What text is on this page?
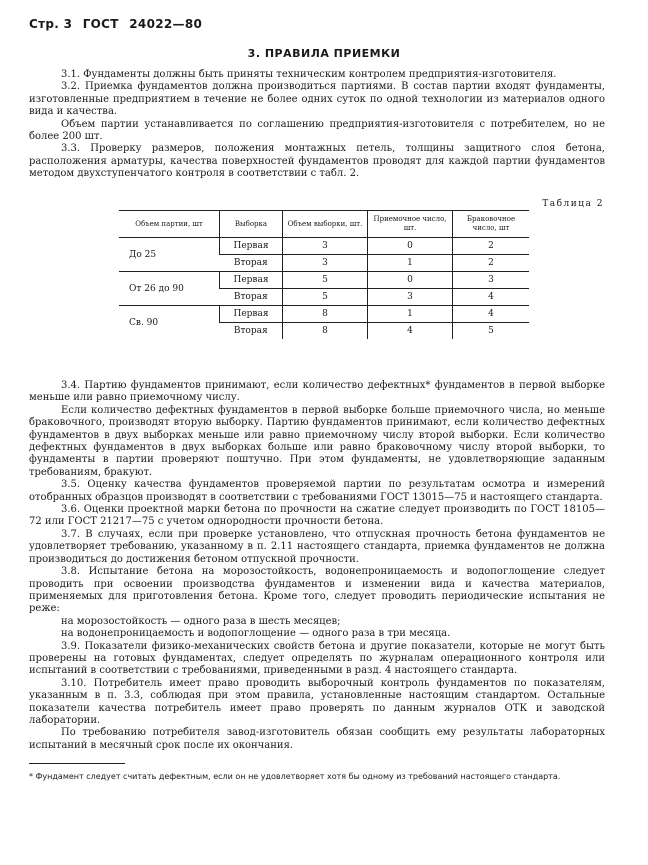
Стр. 3 ГОСТ 24022—80
3. ПРАВИЛА ПРИЕМКИ

3.1. Фундаменты должны быть приняты техническим контролем предприятия-изготовителя.

3.2. Приемка фундаментов должна производиться партиями. В состав партии входят фундаменты, изготовленные предприятием в течение не более одних суток по одной технологии из материалов одного вида и качества.

Объем партии устанавливается по соглашению предприятия-изготовителя с потребителем, но не более 200 шт.

3.3. Проверку размеров, положения монтажных петель, толщины защитного слоя бетона, расположения арматуры, качества поверхностей фундаментов проводят для каждой партии фундаментов методом двухступенчатого контроля в соответствии с табл. 2.

Таблица 2
Объем партии, шт	Выборка	Объем выборки, шт.	Приемочное число, шт.	Браковочное число, шт
До 25	Первая	3	0	2
	Вторая	3	1	2
От 26 до 90	Первая	5	0	3
	Вторая	5	3	4
Св. 90	Первая	8	1	4
	Вторая	8	4	5

3.4. Партию фундаментов принимают, если количество дефектных* фундаментов в первой выборке меньше или равно приемочному числу.

Если количество дефектных фундаментов в первой выборке больше приемочного числа, но меньше браковочного, производят вторую выборку. Партию фундаментов принимают, если количество дефектных фундаментов в двух выборках меньше или равно приемочному числу второй выборки. Если количество дефектных фундаментов в двух выборках больше или равно браковочному числу второй выборки, то фундаменты в партии проверяют поштучно. При этом фундаменты, не удовлетворяющие заданным требованиям, бракуют.

3.5. Оценку качества фундаментов проверяемой партии по результатам осмотра и измерений отобранных образцов производят в соответствии с требованиями ГОСТ 13015—75 и настоящего стандарта.

3.6. Оценки проектной марки бетона по прочности на сжатие следует производить по ГОСТ 18105—72 или ГОСТ 21217—75 с учетом однородности прочности бетона.

3.7. В случаях, если при проверке установлено, что отпускная прочность бетона фундаментов не удовлетворяет требованию, указанному в п. 2.11 настоящего стандарта, приемка фундаментов не должна производиться до достижения бетоном отпускной прочности.

3.8. Испытание бетона на морозостойкость, водонепроницаемость и водопоглощение следует проводить при освоении производства фундаментов и изменении вида и качества материалов, применяемых для приготовления бетона. Кроме того, следует проводить периодические испытания не реже:

на морозостойкость — одного раза в шесть месяцев;

на водонепроницаемость и водопоглощение — одного раза в три месяца.

3.9. Показатели физико-механических свойств бетона и другие показатели, которые не могут быть проверены на готовых фундаментах, следует определять по журналам операционного контроля или испытаний в соответствии с требованиями, приведенными в разд. 4 настоящего стандарта.

3.10. Потребитель имеет право проводить выборочный контроль фундаментов по показателям, указанным в п. 3.3, соблюдая при этом правила, установленные настоящим стандартом. Остальные показатели качества потребитель имеет право проверять по данным журналов ОТК и заводской лаборатории.

По требованию потребителя завод-изготовитель обязан сообщить ему результаты лабораторных испытаний в месячный срок после их окончания.

* Фундамент следует считать дефектным, если он не удовлетворяет хотя бы одному из требований настоящего стандарта.
